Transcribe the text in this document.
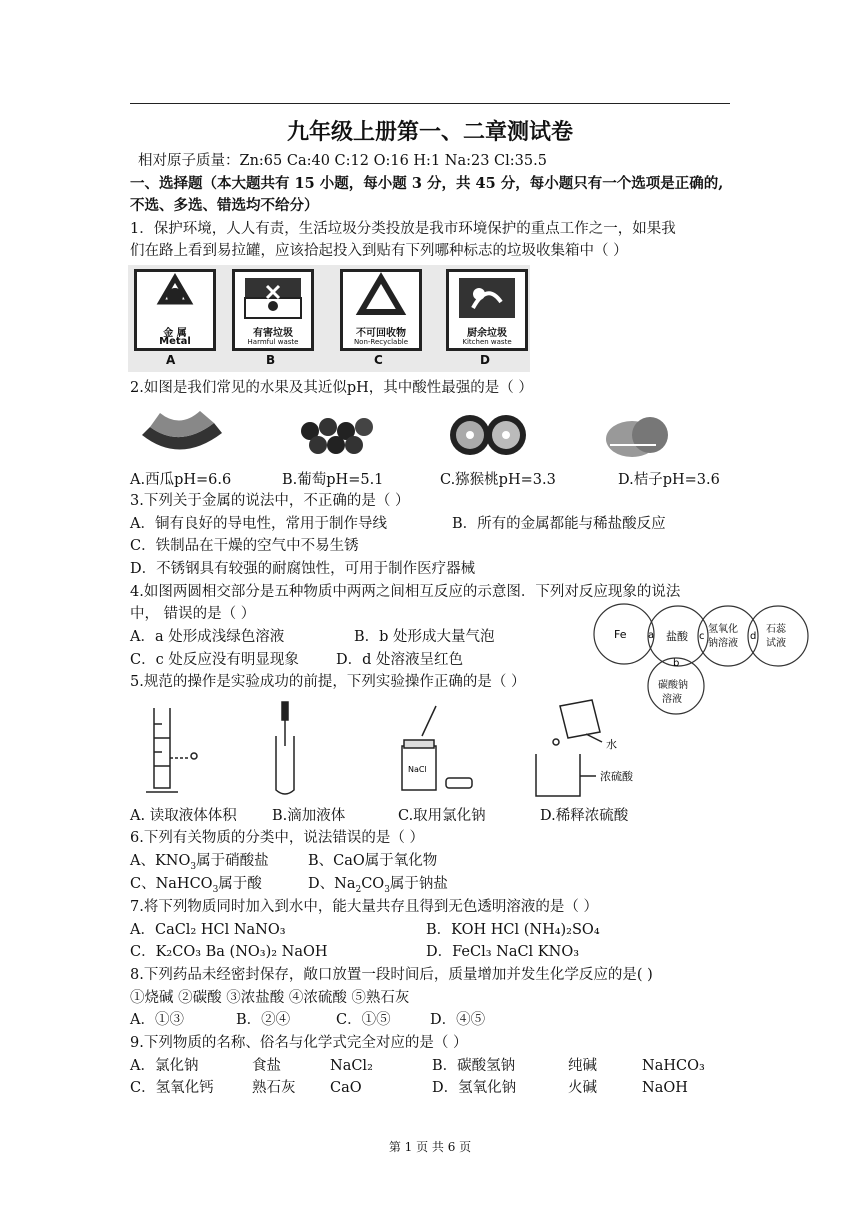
九年级上册第一、二章测试卷
相对原子质量：Zn:65 Ca:40 C:12 O:16 H:1 Na:23 Cl:35.5
一、选择题（本大题共有 15 小题，每小题 3 分，共 45 分，每小题只有一个选项是正确的,
不选、多选、错选均不给分）
1．保护环境，人人有责，生活垃圾分类投放是我市环境保护的重点工作之一，如果我
们在路上看到易拉罐，应该拾起投入到贴有下列哪种标志的垃圾收集箱中（ ）
金 属
Metal
A
有害垃圾
Harmful waste
B
不可回收物
Non-Recyclable
C
厨余垃圾
Kitchen waste
D
2.如图是我们常见的水果及其近似pH，其中酸性最强的是（ ）
A.西瓜pH=6.6	B.葡萄pH=5.1	C.猕猴桃pH=3.3	D.桔子pH=3.6
3.下列关于金属的说法中，不正确的是（ ）
A．铜有良好的导电性，常用于制作导线	B．所有的金属都能与稀盐酸反应
C．铁制品在干燥的空气中不易生锈
D．不锈钢具有较强的耐腐蚀性，可用于制作医疗器械
4.如图两圆相交部分是五种物质中两两之间相互反应的示意图．下列对反应现象的说法
中， 错误的是（ ）
A．a 处形成浅绿色溶液	B．b 处形成大量气泡
C．c 处反应没有明显现象	D．d 处溶液呈红色
Fe	盐酸
氢氧化
钠溶液
石蕊
试液
碳酸钠
溶液
a
b
c	d
5.规范的操作是实验成功的前提，下列实验操作正确的是（ ）
NaCl
水
浓硫酸
A. 读取液体体积 B.滴加液体	C.取用氯化钠	D.稀释浓硫酸
6.下列有关物质的分类中，说法错误的是（ ）
A、$KNO_3$属于硝酸盐	B、CaO属于氧化物
C、NaHCO$_3$属于酸	D、$Na_2CO_3$属于钠盐
7.将下列物质同时加入到水中，能大量共存且得到无色透明溶液的是（ ）
A．CaCl₂ HCl NaNO₃	B．KOH HCl (NH₄)₂SO₄
C．K₂CO₃ Ba (NO₃)₂ NaOH	D．FeCl₃ NaCl KNO₃
8.下列药品未经密封保存，敞口放置一段时间后，质量增加并发生化学反应的是( )
①烧碱 ②碳酸 ③浓盐酸 ④浓硫酸 ⑤熟石灰
A．①③	B．②④	C．①⑤	D．④⑤
9.下列物质的名称、俗名与化学式完全对应的是（ ）
A．氯化钠	食盐	NaCl₂	B．碳酸氢钠	纯碱	NaHCO₃
C．氢氧化钙	熟石灰 CaO	D．氢氧化钠	火碱	NaOH
第 1 页 共 6 页
